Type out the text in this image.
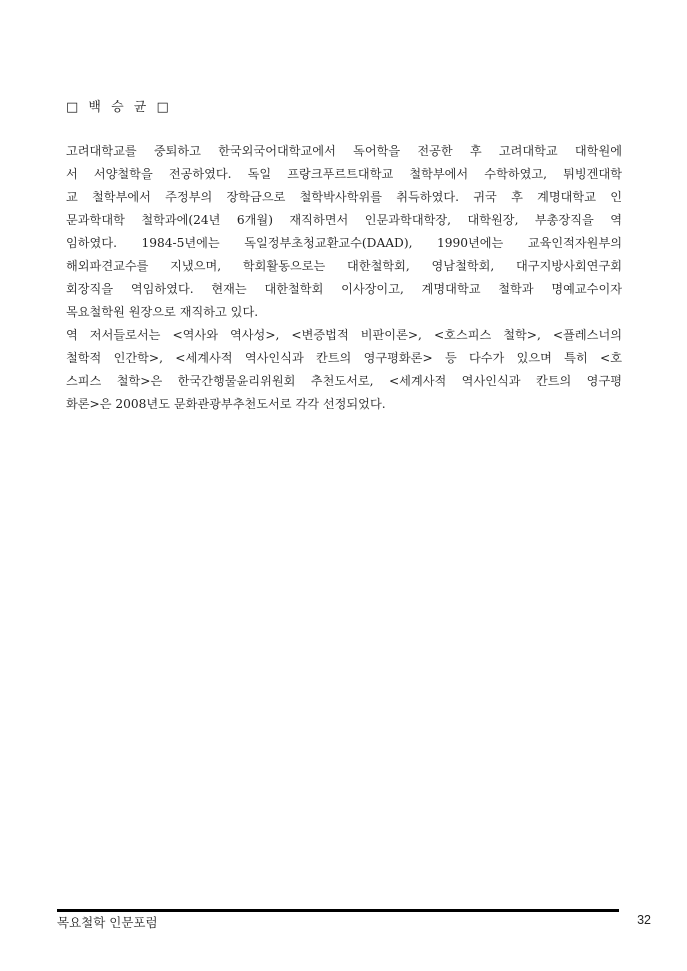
□ 백 승 균 □
고려대학교를 중퇴하고 한국외국어대학교에서 독어학을 전공한 후 고려대학교 대학원에
서 서양철학을 전공하였다. 독일 프랑크푸르트대학교 철학부에서 수학하였고, 튀빙겐대학
교 철학부에서 주정부의 장학금으로 철학박사학위를 취득하였다. 귀국 후 계명대학교 인
문과학대학 철학과에(24년 6개월) 재직하면서 인문과학대학장, 대학원장, 부총장직을 역
임하였다. 1984-5년에는 독일정부초청교환교수(DAAD), 1990년에는 교육인적자원부의
해외파견교수를 지냈으며, 학회활동으로는 대한철학회, 영남철학회, 대구지방사회연구회
회장직을 역임하였다. 현재는 대한철학회 이사장이고, 계명대학교 철학과 명예교수이자
목요철학원 원장으로 재직하고 있다.
역 저서들로서는 <역사와 역사성>, <변증법적 비판이론>, <호스피스 철학>, <플레스너의
철학적 인간학>, <세계사적 역사인식과 칸트의 영구평화론> 등 다수가 있으며 특히 <호
스피스 철학>은 한국간행물윤리위원회 추천도서로, <세계사적 역사인식과 칸트의 영구평
화론>은 2008년도 문화관광부추천도서로 각각 선정되었다.
목요철학 인문포럼	32
